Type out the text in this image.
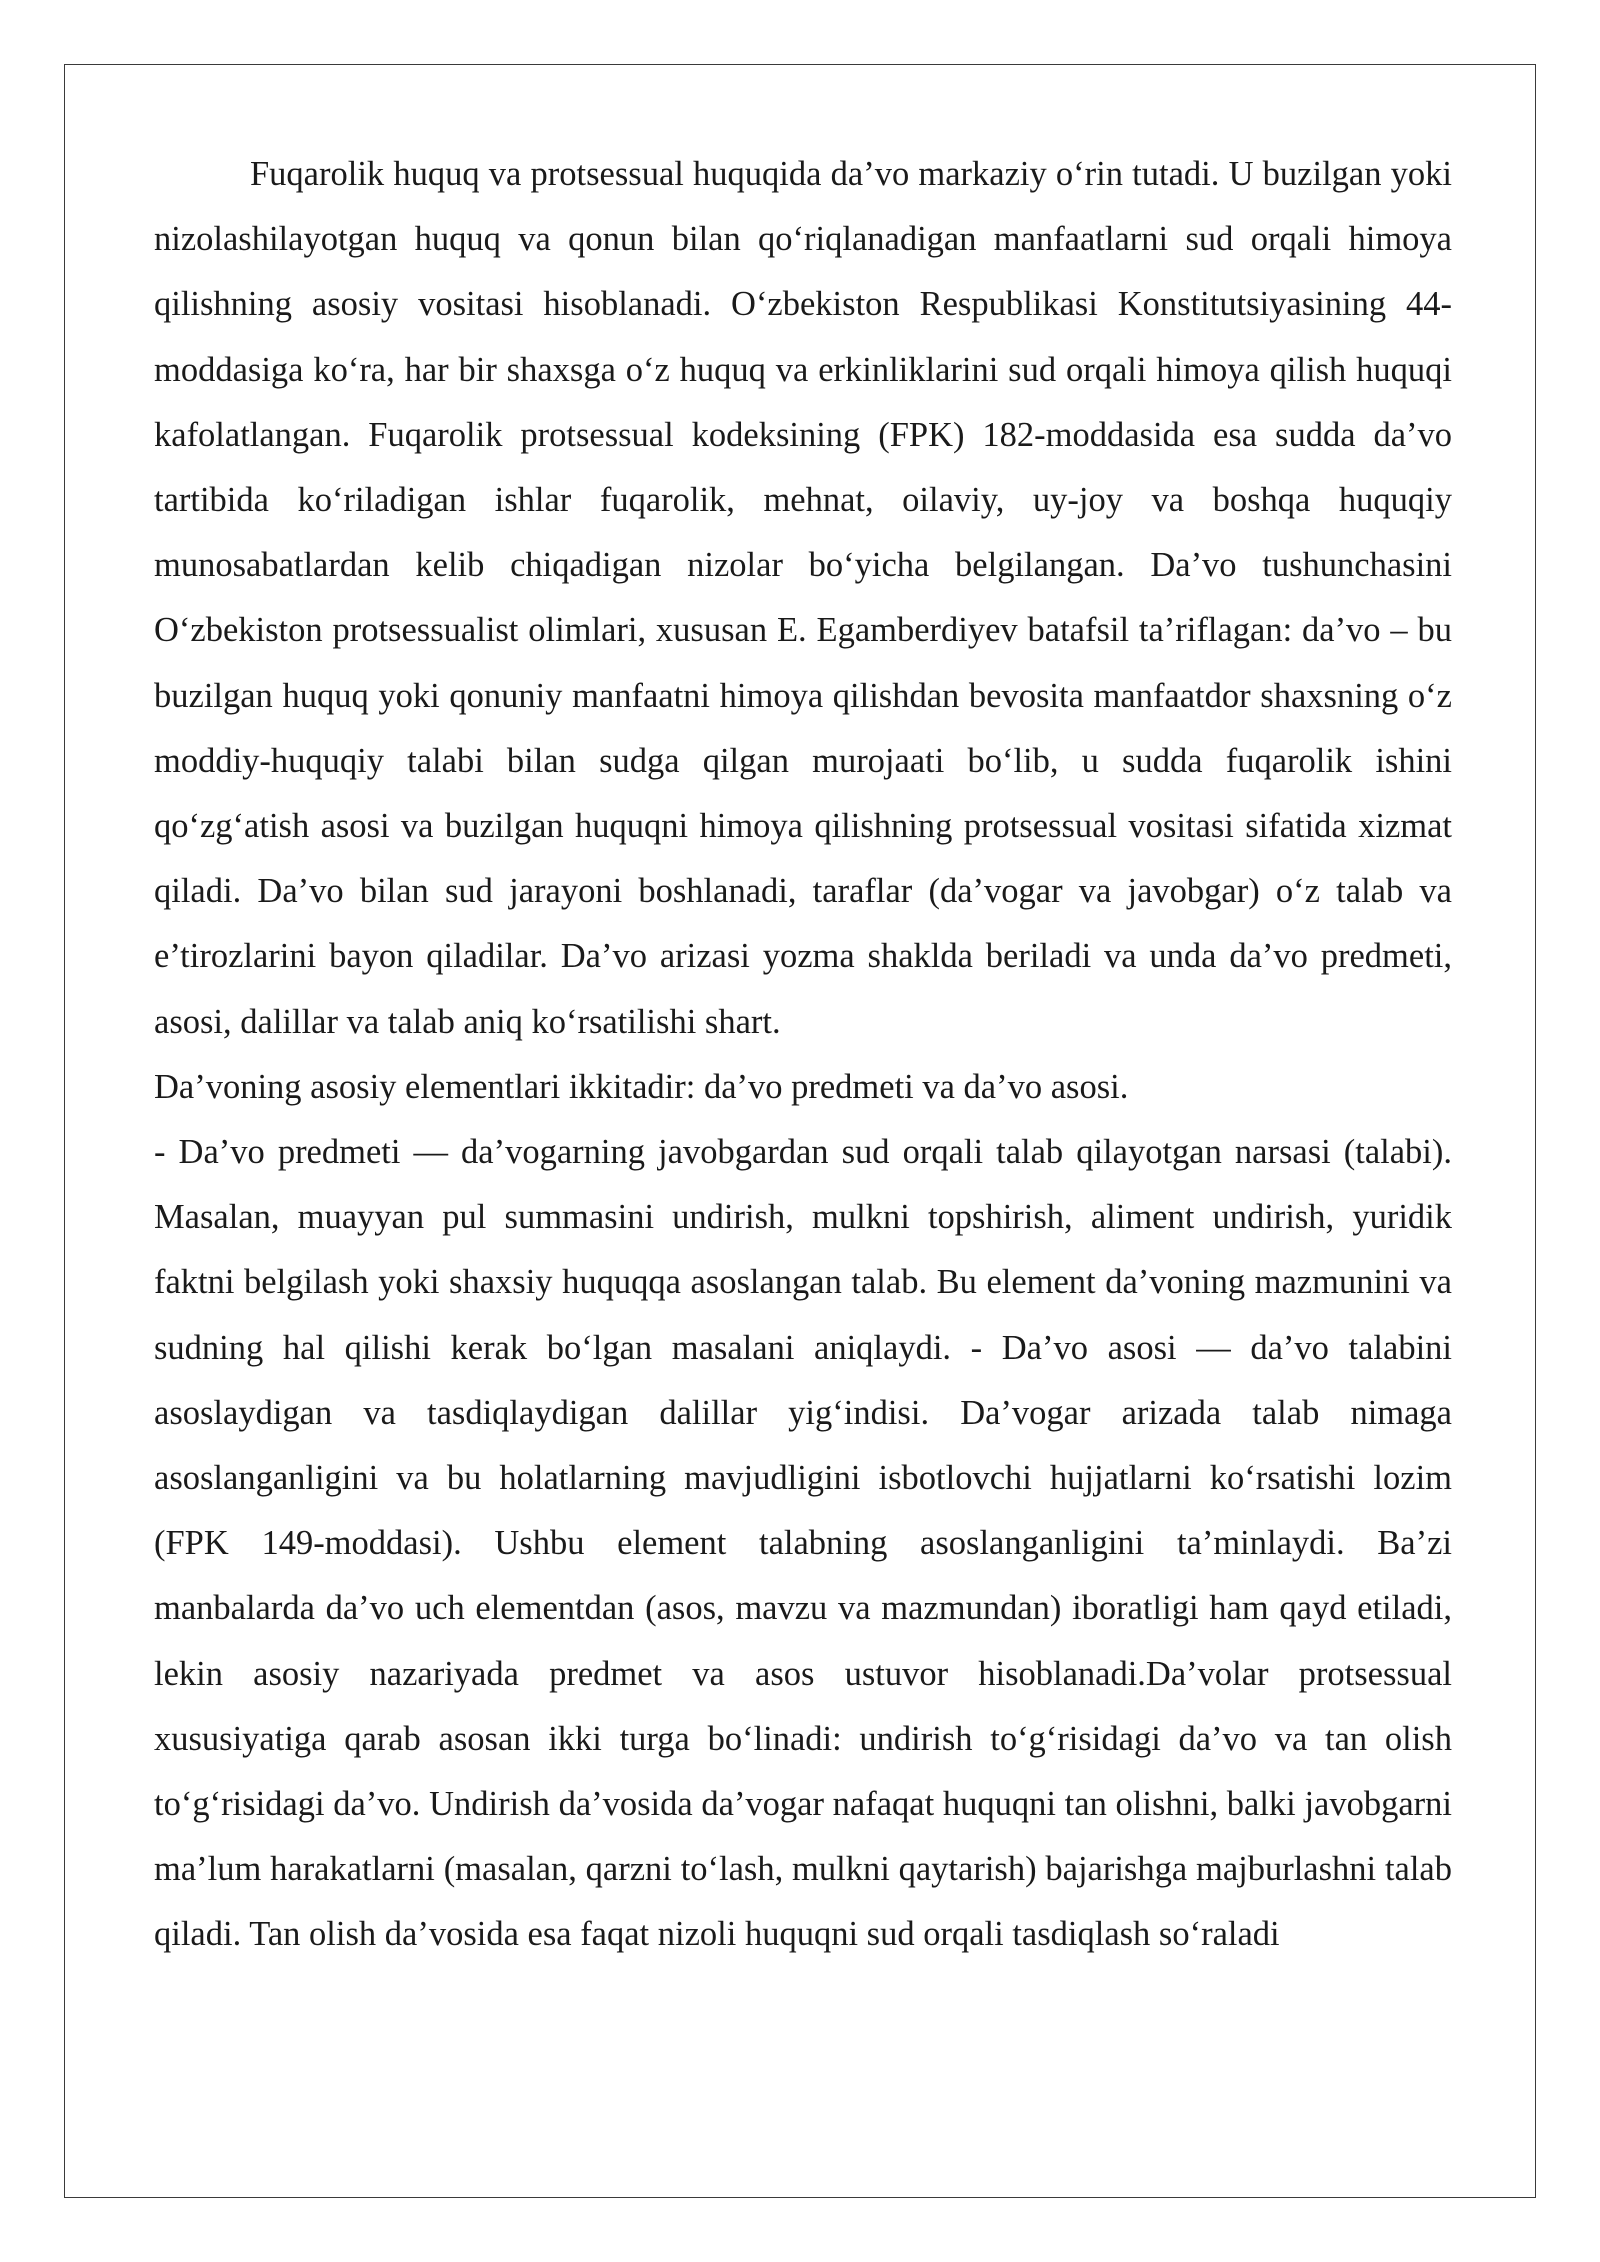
Fuqarolik huquq va protsessual huquqida da’vo markaziy o‘rin tutadi. U buzilgan yoki nizolashilayotgan huquq va qonun bilan qo‘riqlanadigan manfaatlarni sud orqali himoya qilishning asosiy vositasi hisoblanadi. O‘zbekiston Respublikasi Konstitutsiyasining 44-moddasiga ko‘ra, har bir shaxsga o‘z huquq va erkinliklarini sud orqali himoya qilish huquqi kafolatlangan. Fuqarolik protsessual kodeksining (FPK) 182-moddasida esa sudda da’vo tartibida ko‘riladigan ishlar fuqarolik, mehnat, oilaviy, uy-joy va boshqa huquqiy munosabatlardan kelib chiqadigan nizolar bo‘yicha belgilangan. Da’vo tushunchasini O‘zbekiston protsessualist olimlari, xususan E. Egamberdiyev batafsil ta’riflagan: da’vo – bu buzilgan huquq yoki qonuniy manfaatni himoya qilishdan bevosita manfaatdor shaxsning o‘z moddiy-huquqiy talabi bilan sudga qilgan murojaati bo‘lib, u sudda fuqarolik ishini qo‘zg‘atish asosi va buzilgan huquqni himoya qilishning protsessual vositasi sifatida xizmat qiladi. Da’vo bilan sud jarayoni boshlanadi, taraflar (da’vogar va javobgar) o‘z talab va e’tirozlarini bayon qiladilar. Da’vo arizasi yozma shaklda beriladi va unda da’vo predmeti, asosi, dalillar va talab aniq ko‘rsatilishi shart.

Da’voning asosiy elementlari ikkitadir: da’vo predmeti va da’vo asosi.

- Da’vo predmeti — da’vogarning javobgardan sud orqali talab qilayotgan narsasi (talabi). Masalan, muayyan pul summasini undirish, mulkni topshirish, aliment undirish, yuridik faktni belgilash yoki shaxsiy huquqqa asoslangan talab. Bu element da’voning mazmunini va sudning hal qilishi kerak bo‘lgan masalani aniqlaydi. - Da’vo asosi — da’vo talabini asoslaydigan va tasdiqlaydigan dalillar yig‘indisi. Da’vogar arizada talab nimaga asoslanganligini va bu holatlarning mavjudligini isbotlovchi hujjatlarni ko‘rsatishi lozim (FPK 149-moddasi). Ushbu element talabning asoslanganligini ta’minlaydi. Ba’zi manbalarda da’vo uch elementdan (asos, mavzu va mazmundan) iboratligi ham qayd etiladi, lekin asosiy nazariyada predmet va asos ustuvor hisoblanadi.Da’volar protsessual xususiyatiga qarab asosan ikki turga bo‘linadi: undirish to‘g‘risidagi da’vo va tan olish to‘g‘risidagi da’vo. Undirish da’vosida da’vogar nafaqat huquqni tan olishni, balki javobgarni ma’lum harakatlarni (masalan, qarzni to‘lash, mulkni qaytarish) bajarishga majburlashni talab qiladi. Tan olish da’vosida esa faqat nizoli huquqni sud orqali tasdiqlash so‘raladi
